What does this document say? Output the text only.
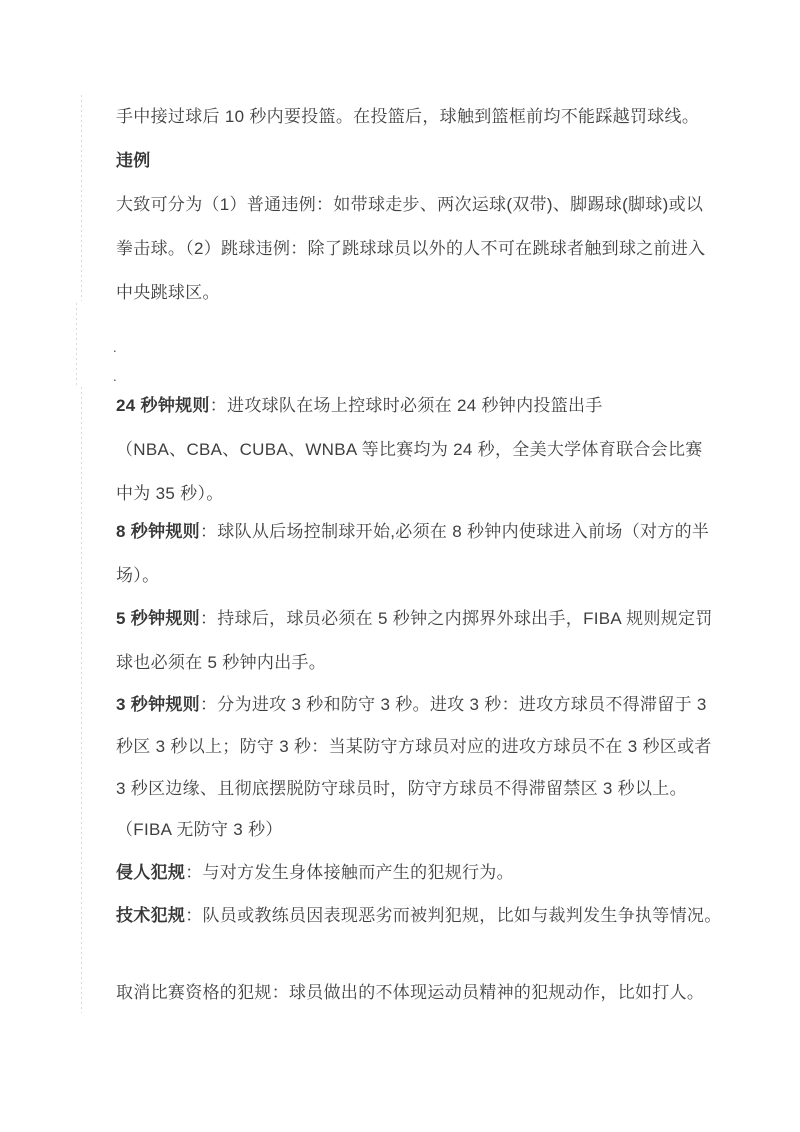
手中接过球后 10 秒内要投篮。在投篮后，球触到篮框前均不能踩越罚球线。
违例
大致可分为（1）普通违例：如带球走步、两次运球(双带)、脚踢球(脚球)或以
拳击球。（2）跳球违例：除了跳球球员以外的人不可在跳球者触到球之前进入
中央跳球区。
.
.
24 秒钟规则：进攻球队在场上控球时必须在 24 秒钟内投篮出手
（NBA、CBA、CUBA、WNBA 等比赛均为 24 秒，全美大学体育联合会比赛
中为 35 秒）。
8 秒钟规则：球队从后场控制球开始,必须在 8 秒钟内使球进入前场（对方的半
场）。
5 秒钟规则：持球后，球员必须在 5 秒钟之内掷界外球出手，FIBA 规则规定罚
球也必须在 5 秒钟内出手。
3 秒钟规则：分为进攻 3 秒和防守 3 秒。进攻 3 秒：进攻方球员不得滞留于 3
秒区 3 秒以上；防守 3 秒：当某防守方球员对应的进攻方球员不在 3 秒区或者
3 秒区边缘、且彻底摆脱防守球员时，防守方球员不得滞留禁区 3 秒以上。
（FIBA 无防守 3 秒）
侵人犯规：与对方发生身体接触而产生的犯规行为。
技术犯规：队员或教练员因表现恶劣而被判犯规，比如与裁判发生争执等情况。
取消比赛资格的犯规：球员做出的不体现运动员精神的犯规动作，比如打人。
